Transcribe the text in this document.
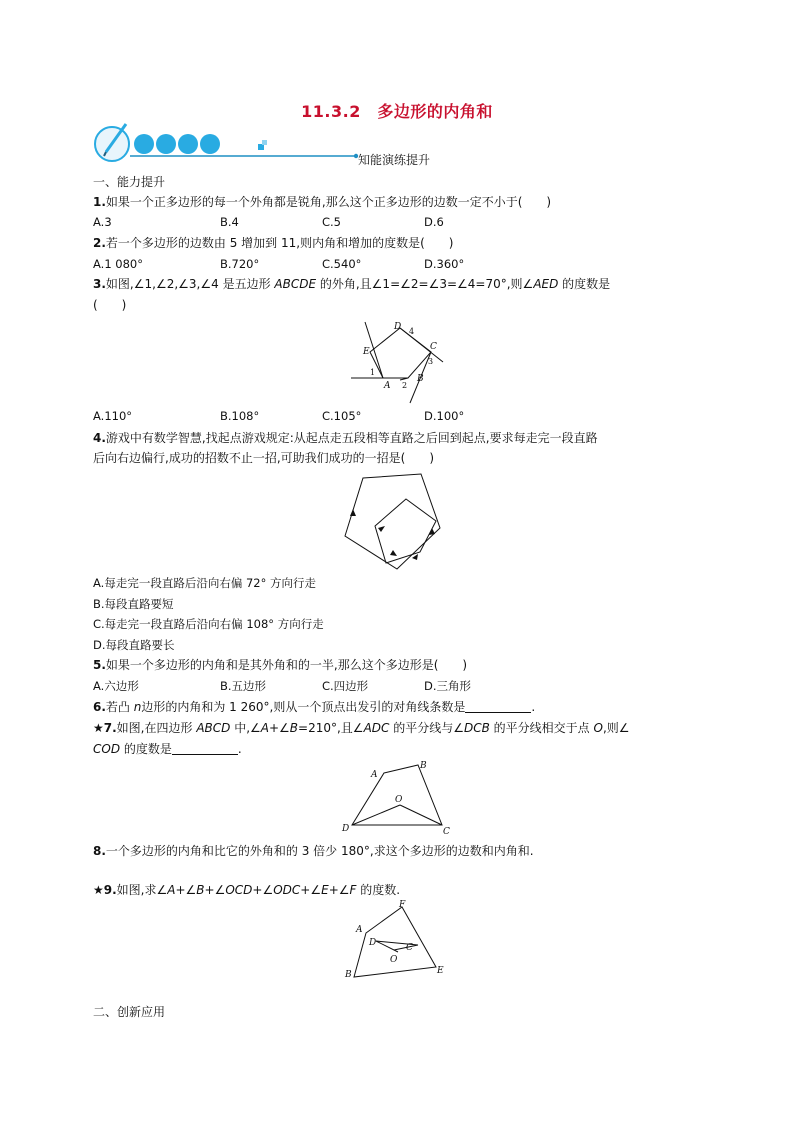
11.3.2　多边形的内角和
知能演练提升
一、能力提升
1.如果一个正多边形的每一个外角都是锐角,那么这个正多边形的边数一定不小于(　　)
A.3	B.4	C.5	D.6
2.若一个多边形的边数由 5 增加到 11,则内角和增加的度数是(　　)
A.1 080°	B.720°	C.540°	D.360°
3.如图,∠1,∠2,∠3,∠4 是五边形 ABCDE 的外角,且∠1=∠2=∠3=∠4=70°,则∠AED 的度数是
(　　)
A
B
C
D
E
1
2
3
4
A.110°	B.108°	C.105°	D.100°
4.游戏中有数学智慧,找起点游戏规定:从起点走五段相等直路之后回到起点,要求每走完一段直路
后向右边偏行,成功的招数不止一招,可助我们成功的一招是(　　)
A.每走完一段直路后沿向右偏 72° 方向行走
B.每段直路要短
C.每走完一段直路后沿向右偏 108° 方向行走
D.每段直路要长
5.如果一个多边形的内角和是其外角和的一半,那么这个多边形是(　　)
A.六边形	B.五边形	C.四边形	D.三角形
6.若凸 n边形的内角和为 1 260°,则从一个顶点出发引的对角线条数是	.
★7.如图,在四边形 ABCD 中,∠A+∠B=210°,且∠ADC 的平分线与∠DCB 的平分线相交于点 O,则∠
COD 的度数是	.
A
B
C
D
O
8.一个多边形的内角和比它的外角和的 3 倍少 180°,求这个多边形的边数和内角和.
★9.如图,求∠A+∠B+∠OCD+∠ODC+∠E+∠F 的度数.
A
B
C
D
E
F
O
二、创新应用
